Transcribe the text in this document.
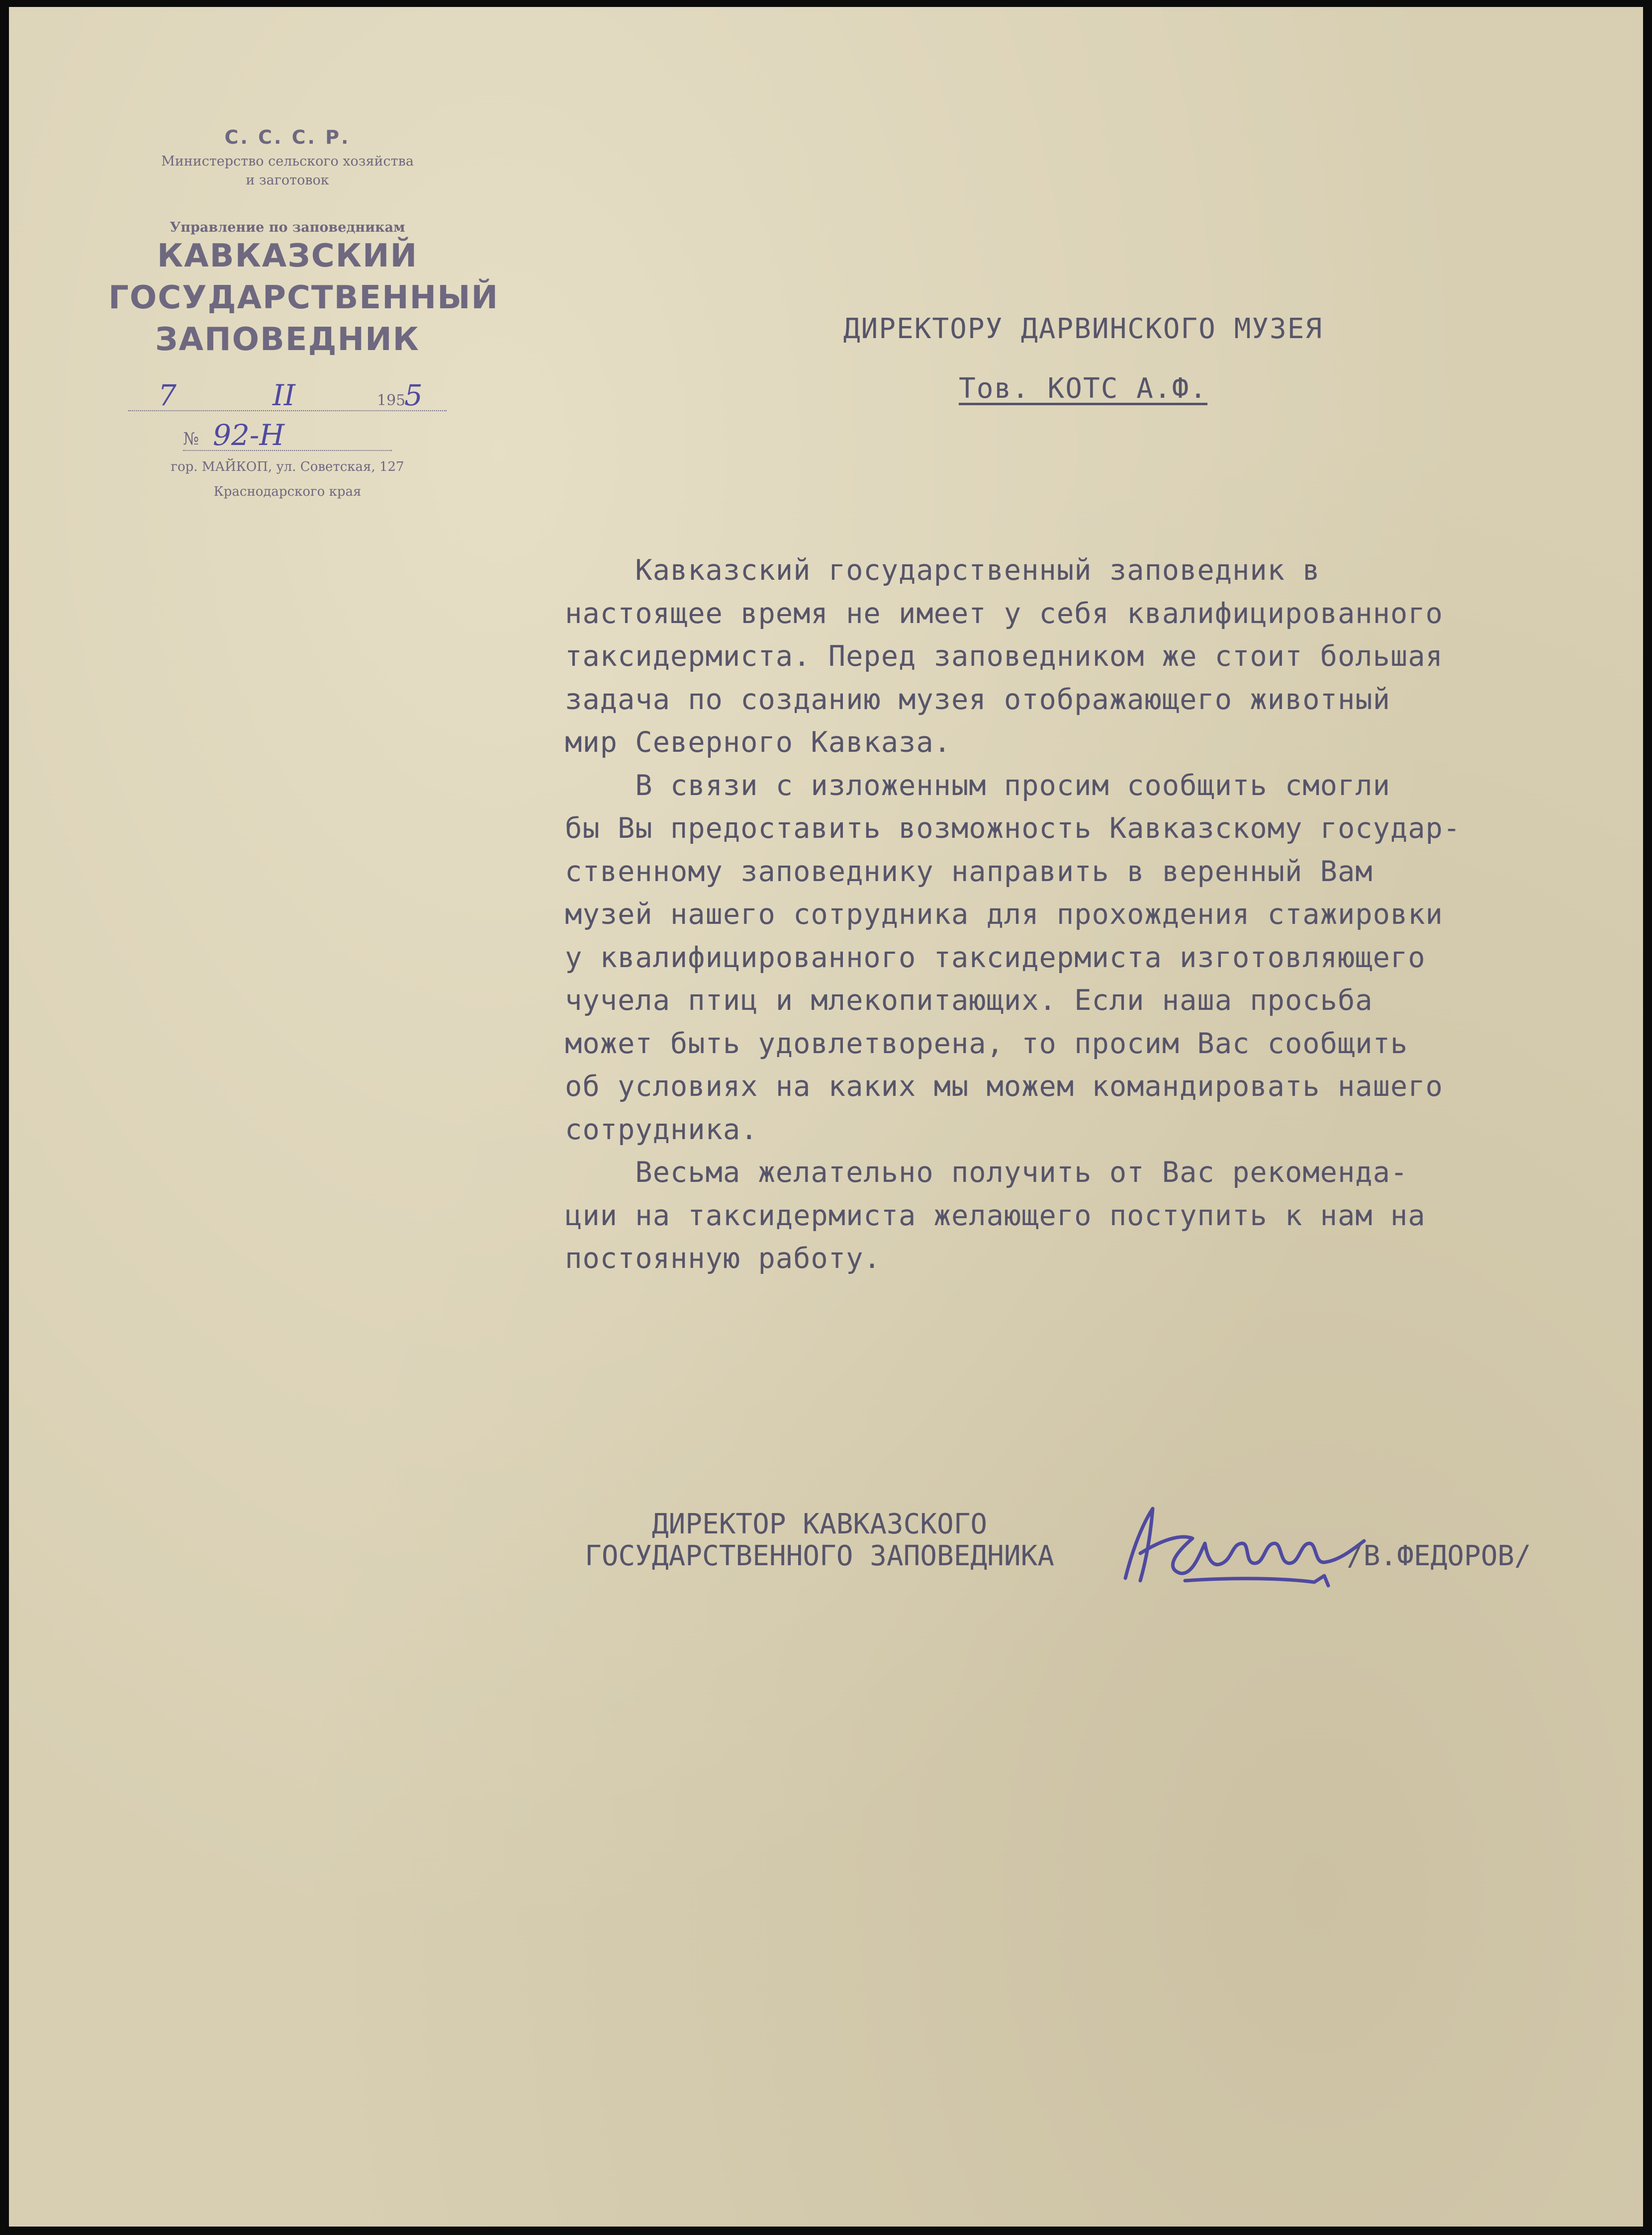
С. С. С. Р.
Министерство сельского хозяйства
и заготовок
Управление по заповедникам
КАВКАЗСКИЙ
ГОСУДАРСТВЕННЫЙ
ЗАПОВЕДНИК
7	II	195
5
№ 92-Н
гор. МАЙКОП, ул. Советская, 127
Краснодарского края
ДИРЕКТОРУ ДАРВИНСКОГО МУЗЕЯ
Тов. КОТС А.Ф.
Кавказский государственный заповедник в
настоящее время не имеет у себя квалифицированного
таксидермиста. Перед заповедником же стоит большая
задача по созданию музея отображающего животный
мир Северного Кавказа.
В связи с изложенным просим сообщить смогли
бы Вы предоставить возможность Кавказскому государ-
ственному заповеднику направить в веренный Вам
музей нашего сотрудника для прохождения стажировки
у квалифицированного таксидермиста изготовляющего
чучела птиц и млекопитающих. Если наша просьба
может быть удовлетворена, то просим Вас сообщить
об условиях на каких мы можем командировать нашего
сотрудника.
Весьма желательно получить от Вас рекоменда-
ции на таксидермиста желающего поступить к нам на
постоянную работу.
ДИРЕКТОР КАВКАЗСКОГО
ГОСУДАРСТВЕННОГО ЗАПОВЕДНИКА	/В.ФЕДОРОВ/
